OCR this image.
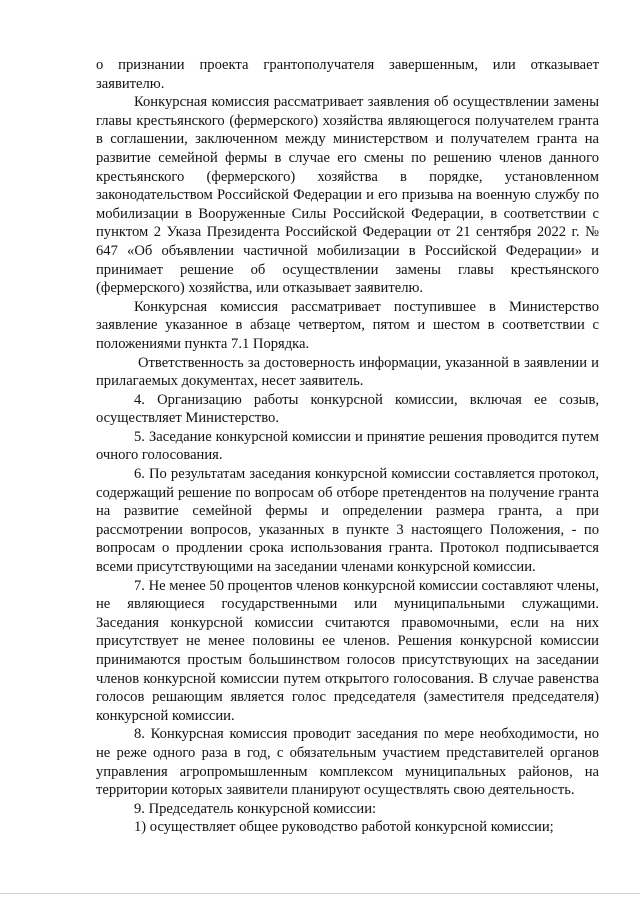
о признании проекта грантополучателя завершенным, или отказывает заявителю.

Конкурсная комиссия рассматривает заявления об осуществлении замены главы крестьянского (фермерского) хозяйства являющегося получателем гранта в соглашении, заключенном между министерством и получателем гранта на развитие семейной фермы в случае его смены по решению членов данного крестьянского (фермерского) хозяйства в порядке, установленном законодательством Российской Федерации и его призыва на военную службу по мобилизации в Вооруженные Силы Российской Федерации, в соответствии с пунктом 2 Указа Президента Российской Федерации от 21 сентября 2022 г. № 647 «Об объявлении частичной мобилизации в Российской Федерации» и принимает решение об осуществлении замены главы крестьянского (фермерского) хозяйства, или отказывает заявителю.

Конкурсная комиссия рассматривает поступившее в Министерство заявление указанное в абзаце четвертом, пятом и шестом в соответствии с положениями пункта 7.1 Порядка.

Ответственность за достоверность информации, указанной в заявлении и прилагаемых документах, несет заявитель.

4. Организацию работы конкурсной комиссии, включая ее созыв, осуществляет Министерство.

5. Заседание конкурсной комиссии и принятие решения проводится путем очного голосования.

6. По результатам заседания конкурсной комиссии составляется протокол, содержащий решение по вопросам об отборе претендентов на получение гранта на развитие семейной фермы и определении размера гранта, а при рассмотрении вопросов, указанных в пункте 3 настоящего Положения, - по вопросам о продлении срока использования гранта. Протокол подписывается всеми присутствующими на заседании членами конкурсной комиссии.

7. Не менее 50 процентов членов конкурсной комиссии составляют члены, не являющиеся государственными или муниципальными служащими. Заседания конкурсной комиссии считаются правомочными, если на них присутствует не менее половины ее членов. Решения конкурсной комиссии принимаются простым большинством голосов присутствующих на заседании членов конкурсной комиссии путем открытого голосования. В случае равенства голосов решающим является голос председателя (заместителя председателя) конкурсной комиссии.

8. Конкурсная комиссия проводит заседания по мере необходимости, но не реже одного раза в год, с обязательным участием представителей органов управления агропромышленным комплексом муниципальных районов, на территории которых заявители планируют осуществлять свою деятельность.

9. Председатель конкурсной комиссии:

1) осуществляет общее руководство работой конкурсной комиссии;
